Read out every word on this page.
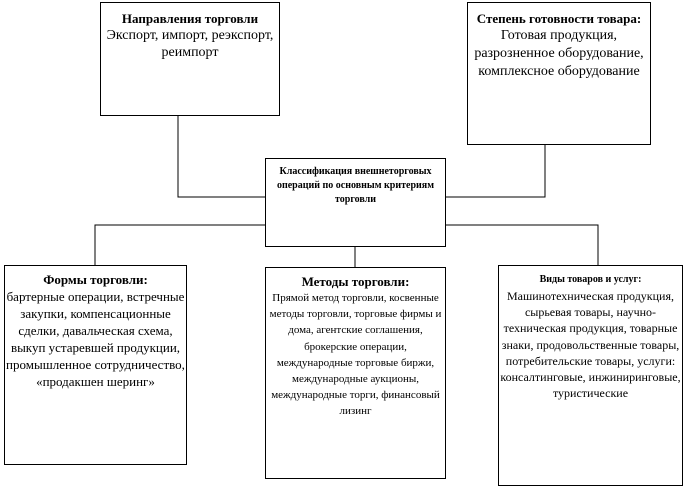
Направления торговли
Экспорт, импорт, реэкспорт, реимпорт
Степень готовности товара:
Готовая продукция, разрозненное оборудование, комплексное оборудование
Классификация внешнеторговых операций по основным критериям торговли
Формы торговли:
бартерные операции, встречные закупки, компенсационные сделки, давальческая схема, выкуп устаревшей продукции, промышленное сотрудничество, «продакшен шеринг»
Методы торговли:
Прямой метод торговли, косвенные методы торговли, торговые фирмы и дома, агентские соглашения, брокерские операции, международные торговые биржи, международные аукционы, международные торги, финансовый лизинг
Виды товаров и услуг:
Машинотехническая продукция, сырьевая товары, научно-техническая продукция, товарные знаки, продовольственные товары, потребительские товары, услуги: консалтинговые, инжиниринговые, туристические
